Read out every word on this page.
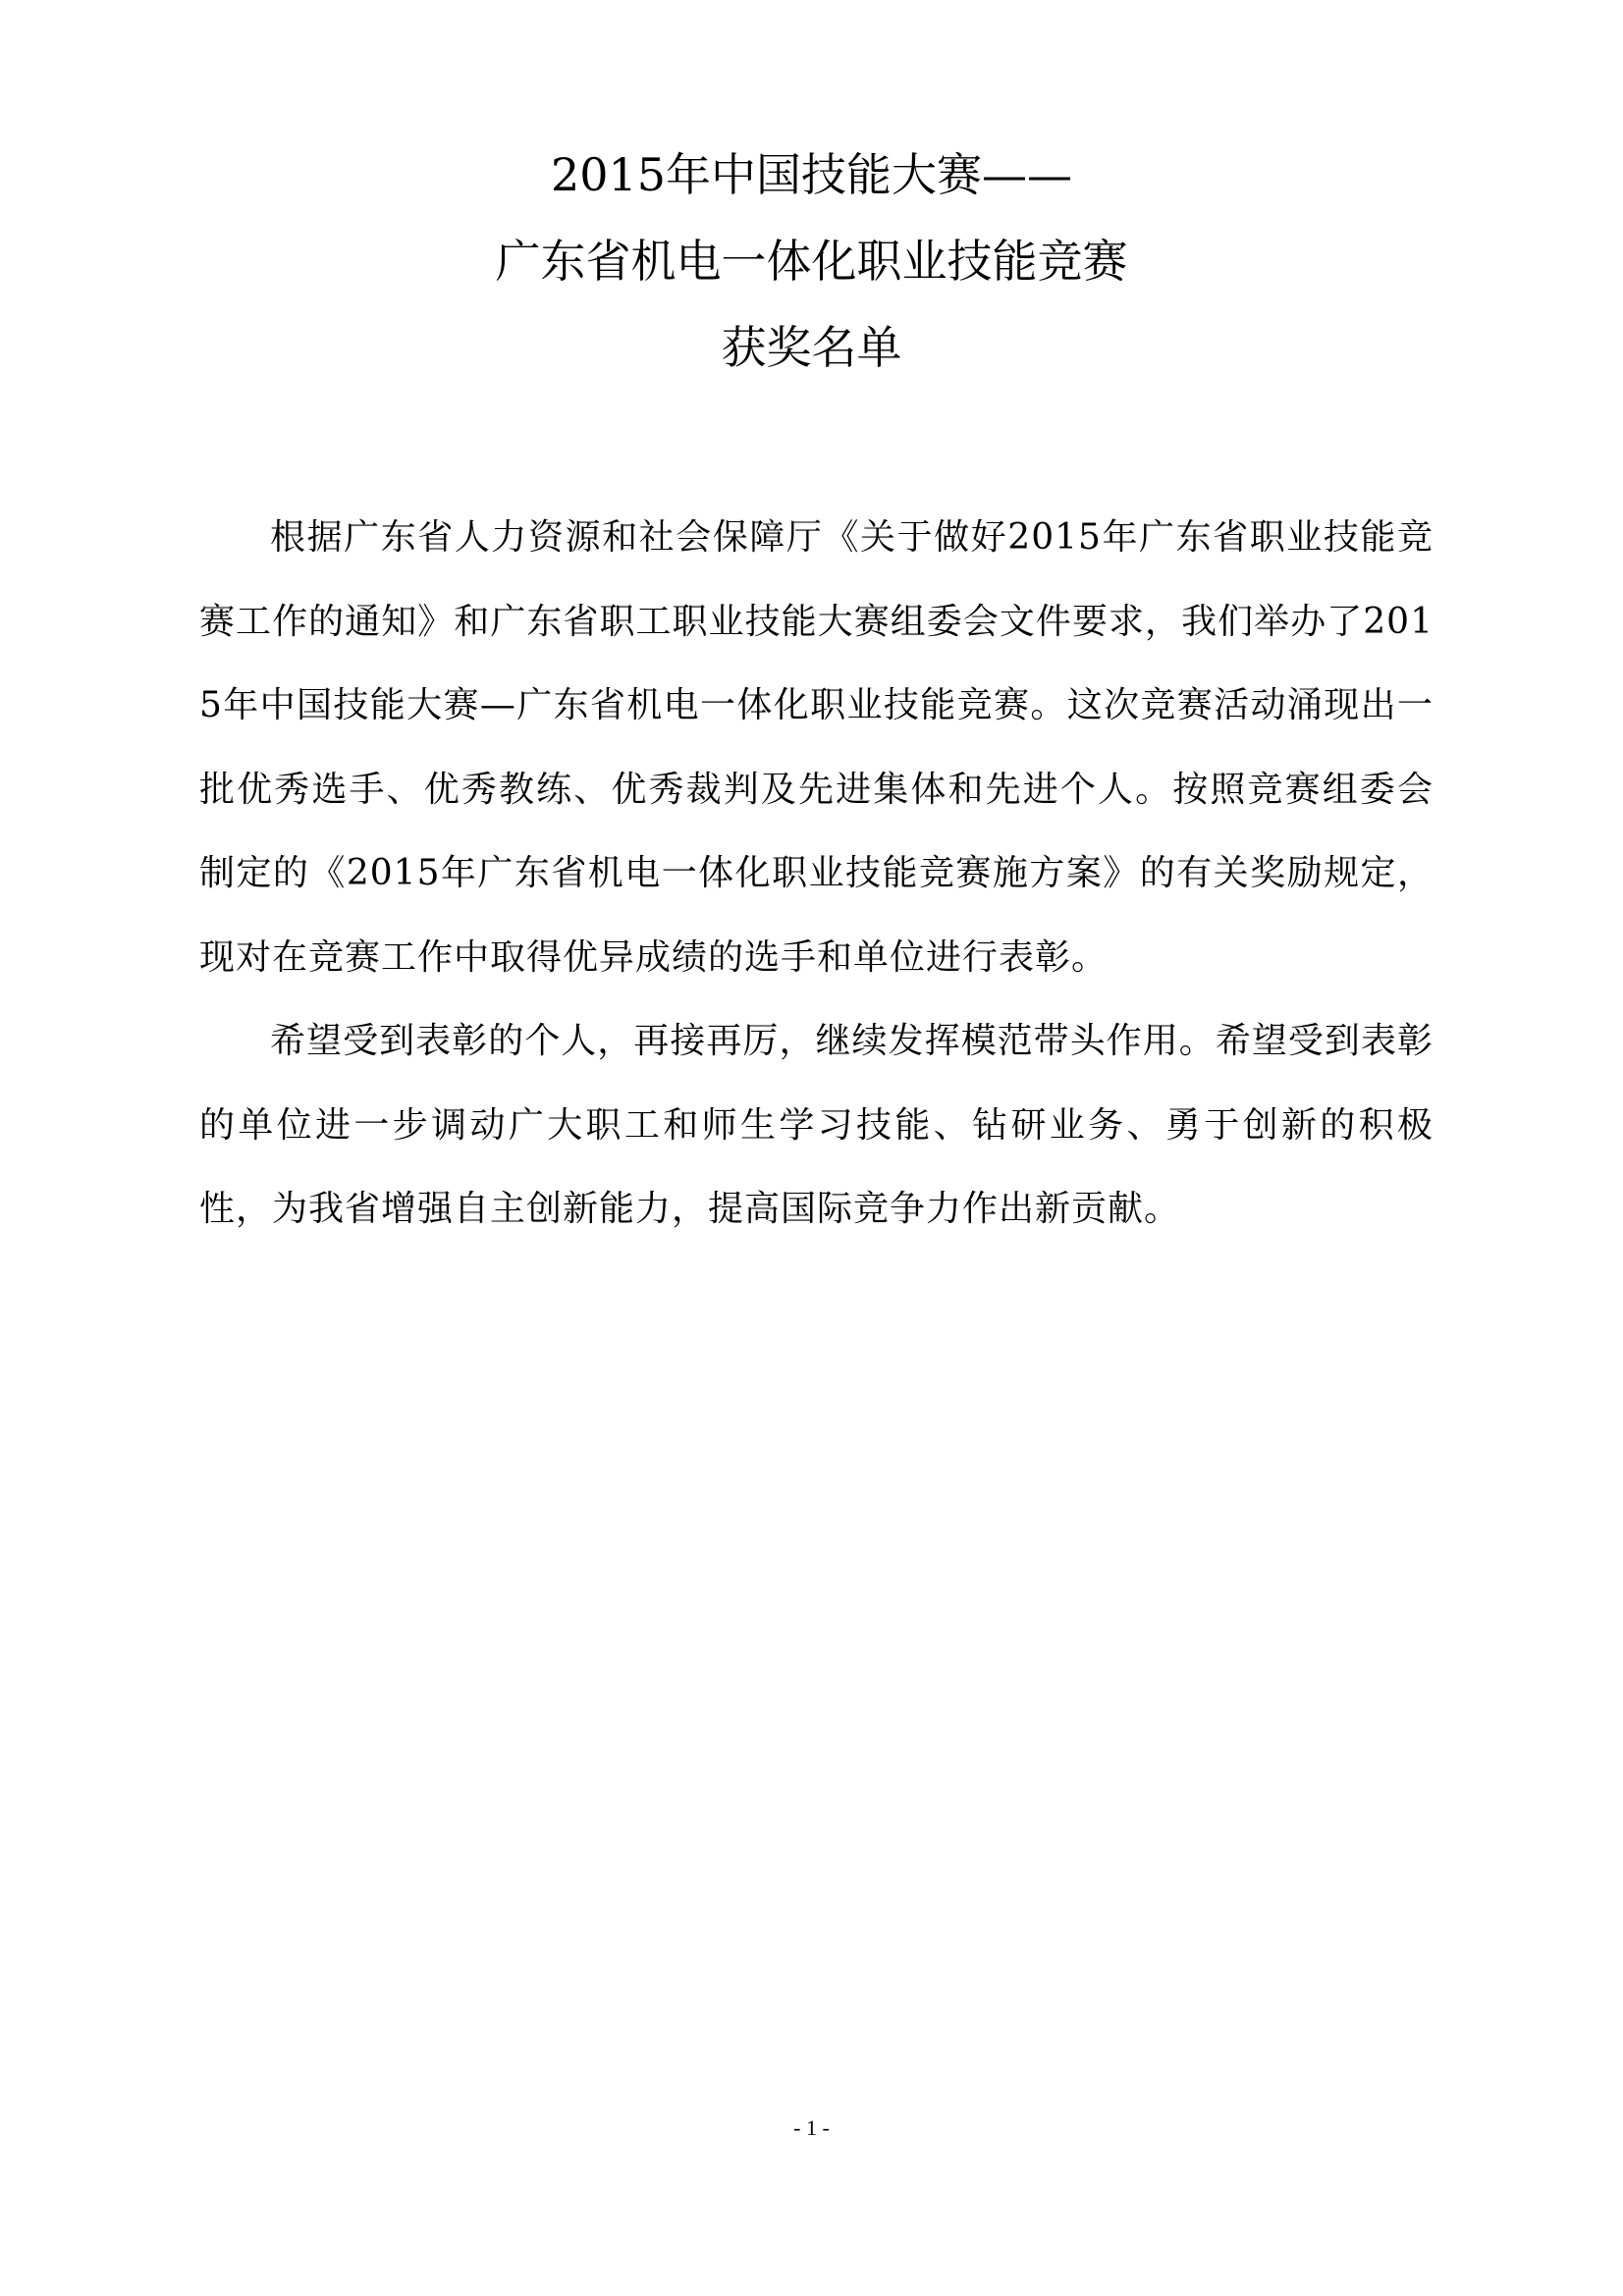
2015年中国技能大赛——
广东省机电一体化职业技能竞赛
获奖名单

根据广东省人力资源和社会保障厅《关于做好2015年广东省职业技能竞赛工作的通知》和广东省职工职业技能大赛组委会文件要求，我们举办了2015年中国技能大赛—广东省机电一体化职业技能竞赛。这次竞赛活动涌现出一批优秀选手、优秀教练、优秀裁判及先进集体和先进个人。按照竞赛组委会制定的《2015年广东省机电一体化职业技能竞赛施方案》的有关奖励规定，现对在竞赛工作中取得优异成绩的选手和单位进行表彰。

希望受到表彰的个人，再接再厉，继续发挥模范带头作用。希望受到表彰的单位进一步调动广大职工和师生学习技能、钻研业务、勇于创新的积极性，为我省增强自主创新能力，提高国际竞争力作出新贡献。

- 1 -
